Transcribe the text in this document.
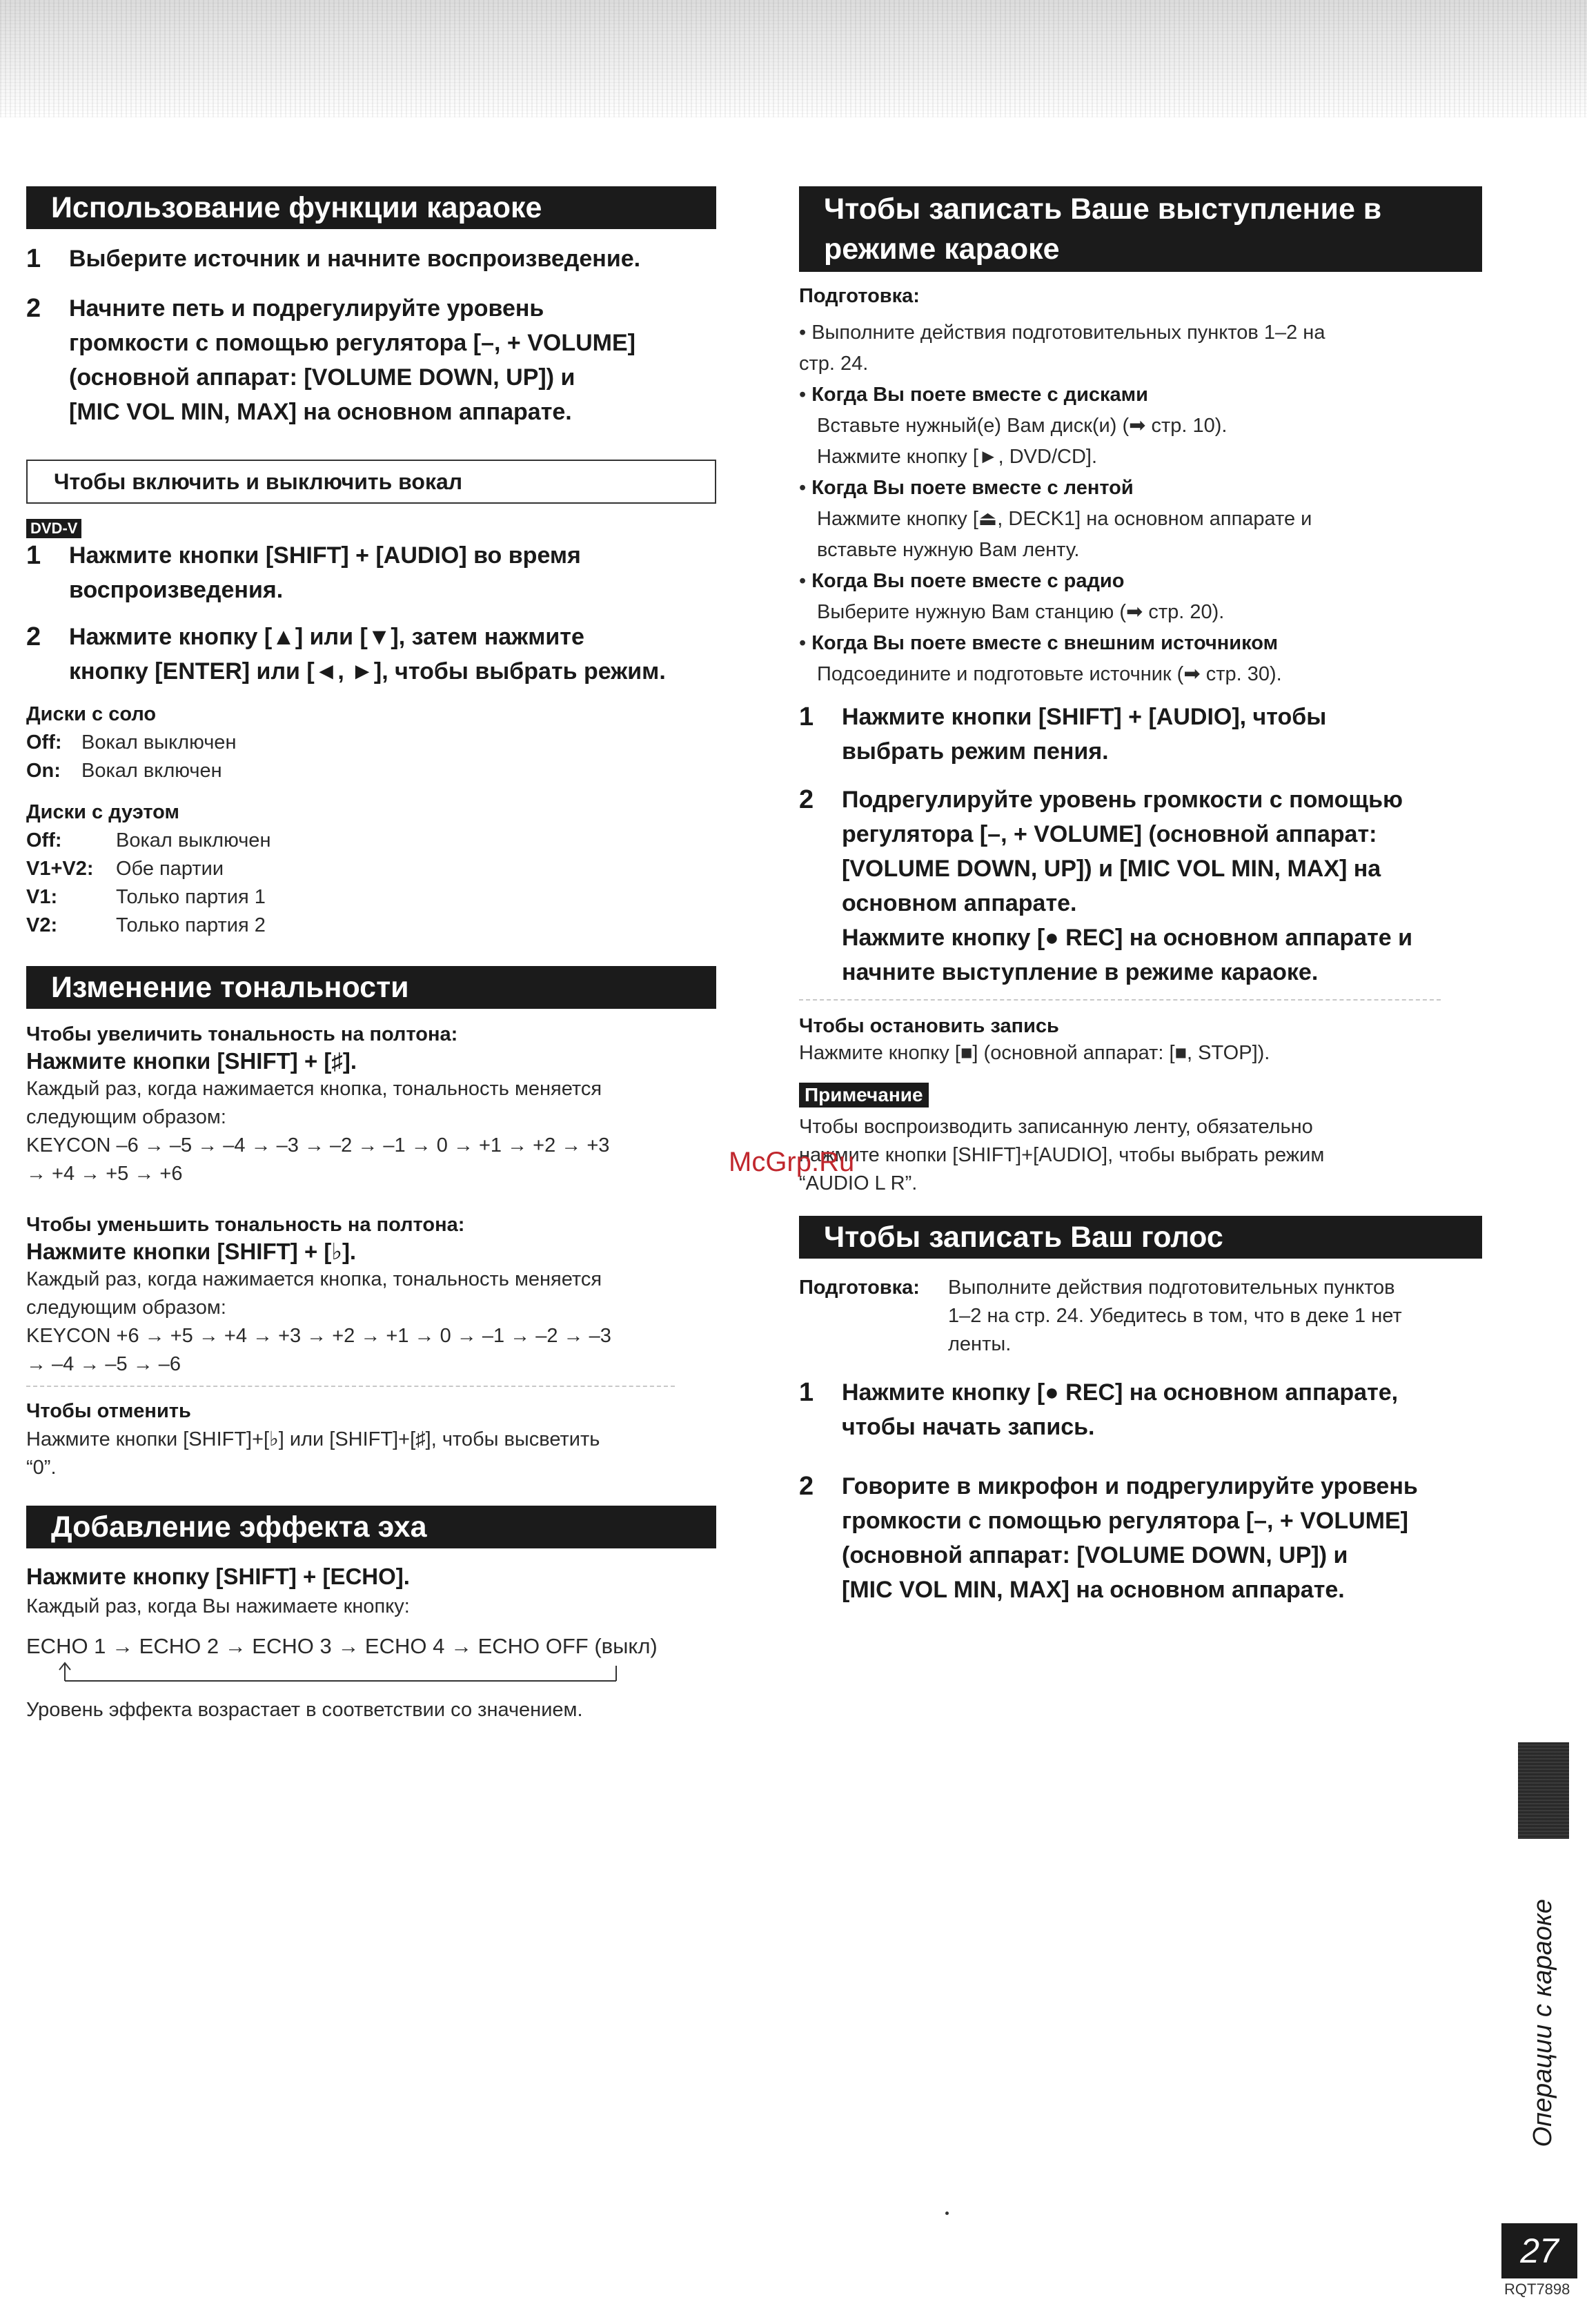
Использование функции караоке
1	Выберите источник и начните воспроизведение.
2	Начните петь и подрегулируйте уровень
громкости с помощью регулятора [–, + VOLUME]
(основной аппарат: [VOLUME DOWN, UP]) и
[MIC VOL MIN, MAX] на основном аппарате.
Чтобы включить и выключить вокал
DVD-V
1	Нажмите кнопки [SHIFT] + [AUDIO] во время
воспроизведения.
2	Нажмите кнопку [▲] или [▼], затем нажмите
кнопку [ENTER] или [◄, ►], чтобы выбрать режим.
Диски с соло
Off: Вокал выключен
On:	Вокал включен
Диски с дуэтом
Off:	Вокал выключен
V1+V2:	Обе партии
V1:	Только партия 1
V2:	Только партия 2
Изменение тональности
Чтобы увеличить тональность на полтона:
Нажмите кнопки [SHIFT] + [♯].
Каждый раз, когда нажимается кнопка, тональность меняется
следующим образом:
KEYCON –6 → –5 → –4 → –3 → –2 → –1 → 0 → +1 → +2 → +3
→ +4 → +5 → +6
Чтобы уменьшить тональность на полтона:
Нажмите кнопки [SHIFT] + [♭].
Каждый раз, когда нажимается кнопка, тональность меняется
следующим образом:
KEYCON +6 → +5 → +4 → +3 → +2 → +1 → 0 → –1 → –2 → –3
→ –4 → –5 → –6
Чтобы отменить
Нажмите кнопки [SHIFT]+[♭] или [SHIFT]+[♯], чтобы высветить
“0”.
Добавление эффекта эха
Нажмите кнопку [SHIFT] + [ECHO].
Каждый раз, когда Вы нажимаете кнопку:
ECHO 1 → ECHO 2 → ECHO 3 → ECHO 4 → ECHO OFF (выкл)
Уровень эффекта возрастает в соответствии со значением.
Чтобы записать Ваше выступление в
режиме караоке
Подготовка:
• Выполните действия подготовительных пунктов 1–2 на
стр. 24.
• Когда Вы поете вместе с дисками
Вставьте нужный(е) Вам диск(и) (➡ стр. 10).
Нажмите кнопку [►, DVD/CD].
• Когда Вы поете вместе с лентой
Нажмите кнопку [⏏, DECK1] на основном аппарате и
вставьте нужную Вам ленту.
• Когда Вы поете вместе с радио
Выберите нужную Вам станцию (➡ стр. 20).
• Когда Вы поете вместе с внешним источником
Подсоедините и подготовьте источник (➡ стр. 30).
1	Нажмите кнопки [SHIFT] + [AUDIO], чтобы
выбрать режим пения.
2	Подрегулируйте уровень громкости с помощью
регулятора [–, + VOLUME] (основной аппарат:
[VOLUME DOWN, UP]) и [MIC VOL MIN, MAX] на
основном аппарате.
Нажмите кнопку [● REC] на основном аппарате и
начните выступление в режиме караоке.
Чтобы остановить запись
Нажмите кнопку [■] (основной аппарат: [■, STOP]).
Примечание
Чтобы воспроизводить записанную ленту, обязательно
нажмите кнопки [SHIFT]+[AUDIO], чтобы выбрать режим
“AUDIO L R”.
Чтобы записать Ваш голос
Подготовка:	Выполните действия подготовительных пунктов
1–2 на стр. 24. Убедитесь в том, что в деке 1 нет
ленты.
1	Нажмите кнопку [● REC] на основном аппарате,
чтобы начать запись.
2	Говорите в микрофон и подрегулируйте уровень
громкости с помощью регулятора [–, + VOLUME]
(основной аппарат: [VOLUME DOWN, UP]) и
[MIC VOL MIN, MAX] на основном аппарате.
McGrp.Ru
Операции с караоке
27
RQT7898
